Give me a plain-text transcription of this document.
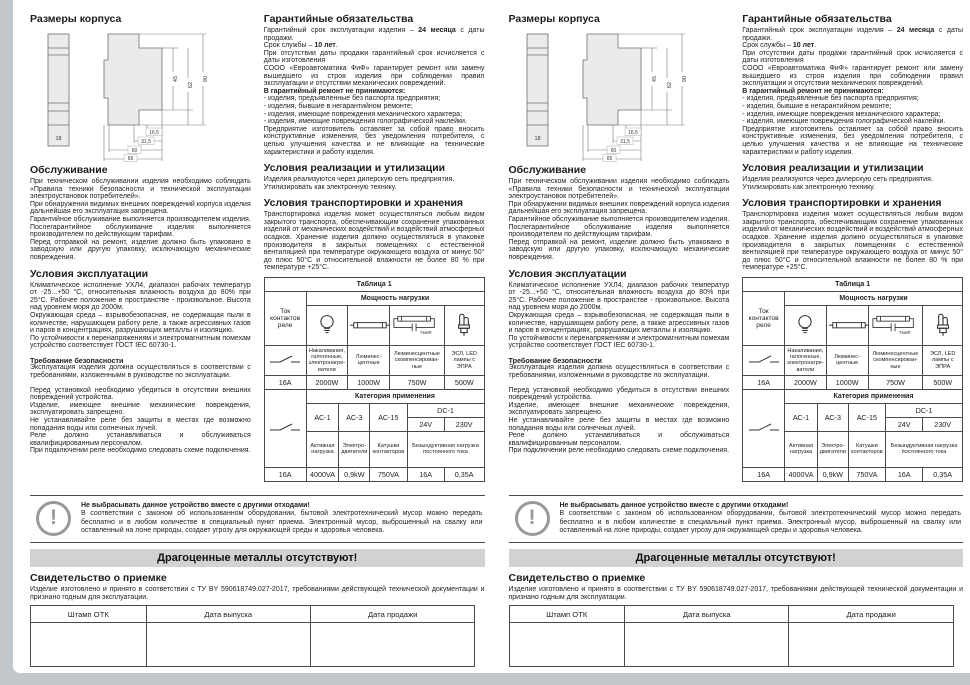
Размеры корпуса
18
45
62
90
16,5
31,5
60
65
Обслуживание

При техническом обслуживании изделия необходимо соблюдать «Правила техники безопасности и технической эксплуатации электроустановок потребителей».

При обнаружении видимых внешних повреждений корпуса изделия дальнейшая его эксплуатация запрещена.

Гарантийное обслуживание выполняется производителем изделия. Послегарантийное обслуживание изделия выполняется производителем по действующим тарифам.

Перед отправкой на ремонт, изделие должно быть упаковано в заводскую или другую упаковку, исключающую механические повреждения.

Условия эксплуатации

Климатическое исполнение УХЛ4, диапазон рабочих температур от -25...+50 °С, относительная влажность воздуха до 80% при 25°С. Рабочее положение в пространстве - произвольное. Высота над уровнем моря до 2000м.

Окружающая среда – взрывобезопасная, не содержащая пыли в количестве, нарушающем работу реле, а также агрессивных газов и паров в концентрациях, разрушающих металлы и изоляцию.

По устойчивости к перенапряжениям и электромагнитным помехам устройство соответствует ГОСТ IEC 60730-1.

Требование безопасности

Эксплуатация изделия должна осуществляться в соответствии с требованиями, изложенными в руководстве по эксплуатации.

Перед установкой необходимо убедиться в отсутствии внешних повреждений устройства.

Изделие, имеющее внешние механические повреждения, эксплуатировать запрещено.

Не устанавливайте реле без защиты в местах где возможно попадания воды или солнечных лучей.

Реле должно устанавливаться и обслуживаться квалифицированным персоналом.

При подключении реле необходимо следовать схеме подключения.

Гарантийные обязательства

Гарантийный срок эксплуатации изделия – 24 месяца с даты продажи.

Срок службы – 10 лет.

При отсутствии даты продажи гарантийный срок исчисляется с даты изготовления

СООО «Евроавтоматика ФиФ» гарантирует ремонт или замену вышедшего из строя изделия при соблюдении правил эксплуатации и отсутствии механических повреждений.

В гарантийный ремонт не принимаются:

- изделия, предъявленные без паспорта предприятия;

- изделия, бывшие в негарантийном ремонте;

- изделия, имеющие повреждения механического характера;

- изделия, имеющие повреждения голографической наклейки.

Предприятие изготовитель оставляет за собой право вносить конструктивные изменения, без уведомления потребителя, с целью улучшения качества и не влияющие на технические характеристики и работу изделия.

Условия реализации и утилизации

Изделия реализуются через дилерскую сеть предприятия.

Утилизировать как электронную технику.

Условия транспортировки и хранения

Транспортировка изделия может осуществляться любым видом закрытого транспорта, обеспечивающим сохранение упакованных изделий от механических воздействий и воздействий атмосферных осадков. Хранение изделия должно осуществляться в упаковке производителя в закрытых помещениях с естественной вентиляцией при температуре окружающего воздуха от минус 50° до плюс 50°С и относительной влажности не более 80 % при температуре +25°С.

Таблица 1				
Ток контактов реле	Мощность нагрузки			

7мкФ

	Накаливания, галогенные, электронагре- ватели	Люминес- центные	Люминесцентные скомпенсирован- ные	ЭСЛ, LED лампы с ЭПРА
16А	2000W	1000W	750W	500W
	Категория применения				
	АС-1	АС-3	АС-15	DC-1	
				24V	230V
	Активная нагрузка	Электро- двигатели	Катушки контакторов	Безындуктивная нагрузка постоянного тока	
16А	4000VA	0,9kW	750VA	16А	0,35А
!

Не выбрасывать данное устройство вместе с другими отходами!

В соответствии с законом об использованном оборудовании, бытовой электротехнический мусор можно передать бесплатно и в любом количестве в специальный пункт приема. Электронный мусор, выброшенный на свалку или оставленный на лоне природы, создает угрозу для окружающей среды и здоровья человека.

Драгоценные металлы отсутствуют!
Свидетельство о приемке

Изделие изготовлено и принято в соответствии с ТУ BY 590618749.027-2017, требованиями действующей технической документации и признано годным для эксплуатации.

Штамп ОТК	Дата выпуска	Дата продажи

Размеры корпуса
18
45
62
90
16,5
31,5
60
65
Обслуживание

При техническом обслуживании изделия необходимо соблюдать «Правила техники безопасности и технической эксплуатации электроустановок потребителей».

При обнаружении видимых внешних повреждений корпуса изделия дальнейшая его эксплуатация запрещена.

Гарантийное обслуживание выполняется производителем изделия. Послегарантийное обслуживание изделия выполняется производителем по действующим тарифам.

Перед отправкой на ремонт, изделие должно быть упаковано в заводскую или другую упаковку, исключающую механические повреждения.

Условия эксплуатации

Климатическое исполнение УХЛ4, диапазон рабочих температур от -25...+50 °С, относительная влажность воздуха до 80% при 25°С. Рабочее положение в пространстве - произвольное. Высота над уровнем моря до 2000м.

Окружающая среда – взрывобезопасная, не содержащая пыли в количестве, нарушающем работу реле, а также агрессивных газов и паров в концентрациях, разрушающих металлы и изоляцию.

По устойчивости к перенапряжениям и электромагнитным помехам устройство соответствует ГОСТ IEC 60730-1.

Требование безопасности

Эксплуатация изделия должна осуществляться в соответствии с требованиями, изложенными в руководстве по эксплуатации.

Перед установкой необходимо убедиться в отсутствии внешних повреждений устройства.

Изделие, имеющее внешние механические повреждения, эксплуатировать запрещено.

Не устанавливайте реле без защиты в местах где возможно попадания воды или солнечных лучей.

Реле должно устанавливаться и обслуживаться квалифицированным персоналом.

При подключении реле необходимо следовать схеме подключения.

Гарантийные обязательства

Гарантийный срок эксплуатации изделия – 24 месяца с даты продажи.

Срок службы – 10 лет.

При отсутствии даты продажи гарантийный срок исчисляется с даты изготовления

СООО «Евроавтоматика ФиФ» гарантирует ремонт или замену вышедшего из строя изделия при соблюдении правил эксплуатации и отсутствии механических повреждений.

В гарантийный ремонт не принимаются:

- изделия, предъявленные без паспорта предприятия;

- изделия, бывшие в негарантийном ремонте;

- изделия, имеющие повреждения механического характера;

- изделия, имеющие повреждения голографической наклейки.

Предприятие изготовитель оставляет за собой право вносить конструктивные изменения, без уведомления потребителя, с целью улучшения качества и не влияющие на технические характеристики и работу изделия.

Условия реализации и утилизации

Изделия реализуются через дилерскую сеть предприятия.

Утилизировать как электронную технику.

Условия транспортировки и хранения

Транспортировка изделия может осуществляться любым видом закрытого транспорта, обеспечивающим сохранение упакованных изделий от механических воздействий и воздействий атмосферных осадков. Хранение изделия должно осуществляться в упаковке производителя в закрытых помещениях с естественной вентиляцией при температуре окружающего воздуха от минус 50° до плюс 50°С и относительной влажности не более 80 % при температуре +25°С.

Таблица 1				
Ток контактов реле	Мощность нагрузки			

7мкФ

	Накаливания, галогенные, электронагре- ватели	Люминес- центные	Люминесцентные скомпенсирован- ные	ЭСЛ, LED лампы с ЭПРА
16А	2000W	1000W	750W	500W
	Категория применения				
	АС-1	АС-3	АС-15	DC-1	
				24V	230V
	Активная нагрузка	Электро- двигатели	Катушки контакторов	Безындуктивная нагрузка постоянного тока	
16А	4000VA	0,9kW	750VA	16А	0,35А
!

Не выбрасывать данное устройство вместе с другими отходами!

В соответствии с законом об использованном оборудовании, бытовой электротехнический мусор можно передать бесплатно и в любом количестве в специальный пункт приема. Электронный мусор, выброшенный на свалку или оставленный на лоне природы, создает угрозу для окружающей среды и здоровья человека.

Драгоценные металлы отсутствуют!
Свидетельство о приемке

Изделие изготовлено и принято в соответствии с ТУ BY 590618749.027-2017, требованиями действующей технической документации и признано годным для эксплуатации.

Штамп ОТК	Дата выпуска	Дата продажи
